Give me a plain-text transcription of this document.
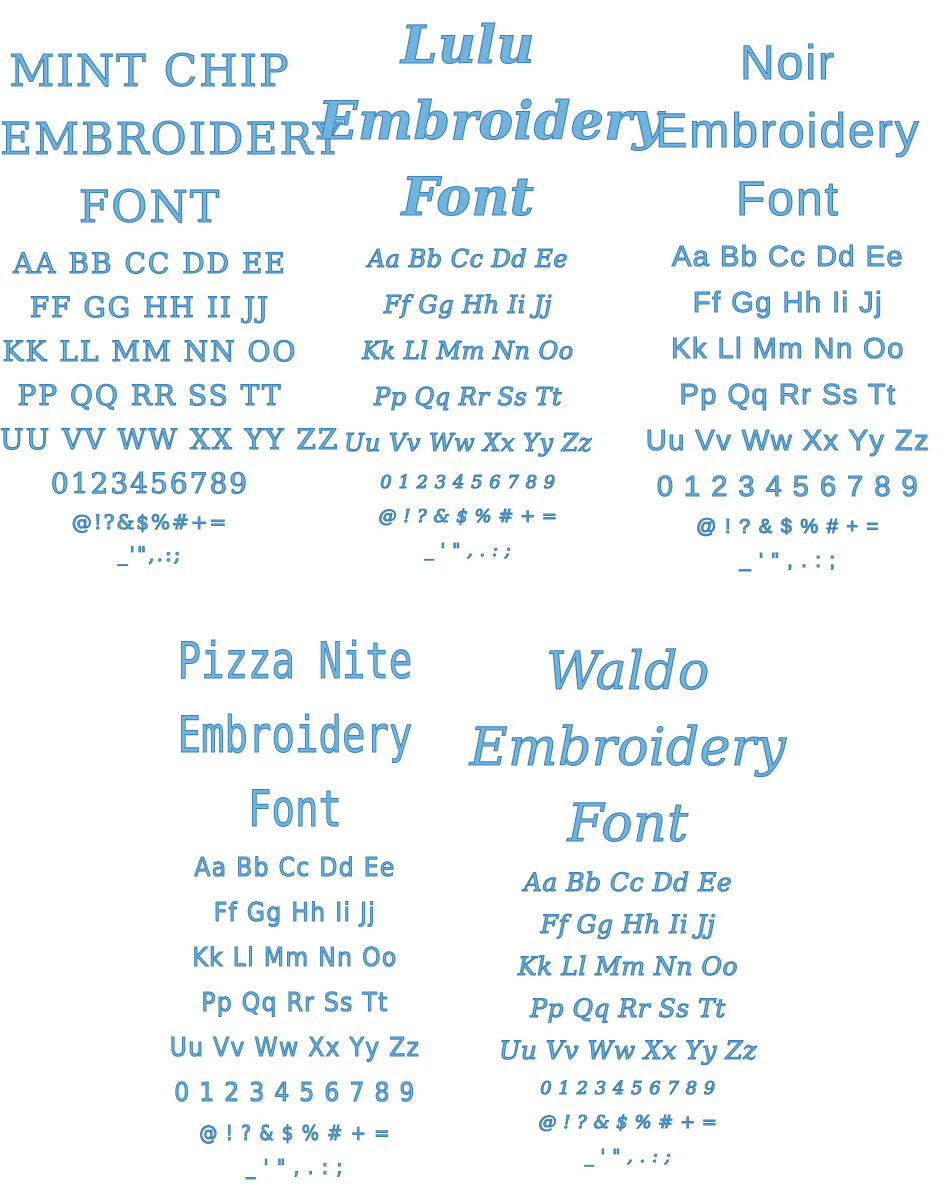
MINT CHIP
EMBROIDERY
FONT
AA BB CC DD EE
FF GG HH II JJ
KK LL MM NN OO
PP QQ RR SS TT
UU VV WW XX YY ZZ
0123456789
@!?&$%#+=
_'",.:;
Lulu
Embroidery
Font
Aa Bb Cc Dd Ee
Ff Gg Hh Ii Jj
Kk Ll Mm Nn Oo
Pp Qq Rr Ss Tt
Uu Vv Ww Xx Yy Zz
0 1 2 3 4 5 6 7 8 9
@ ! ? & $ % # + =
_ ' " , . : ;
Noir
Embroidery
Font
Aa Bb Cc Dd Ee
Ff Gg Hh Ii Jj
Kk Ll Mm Nn Oo
Pp Qq Rr Ss Tt
Uu Vv Ww Xx Yy Zz
0 1 2 3 4 5 6 7 8 9
@ ! ? & $ % # + =
_ ' " , . : ;
Pizza Nite
Embroidery
Font
Aa Bb Cc Dd Ee
Ff Gg Hh Ii Jj
Kk Ll Mm Nn Oo
Pp Qq Rr Ss Tt
Uu Vv Ww Xx Yy Zz
0 1 2 3 4 5 6 7 8 9
@ ! ? & $ % # + =
_ ' " , . : ;
Waldo
Embroidery
Font
Aa Bb Cc Dd Ee
Ff Gg Hh Ii Jj
Kk Ll Mm Nn Oo
Pp Qq Rr Ss Tt
Uu Vv Ww Xx Yy Zz
0 1 2 3 4 5 6 7 8 9
@ ! ? & $ % # + =
_ ' " , . : ;
